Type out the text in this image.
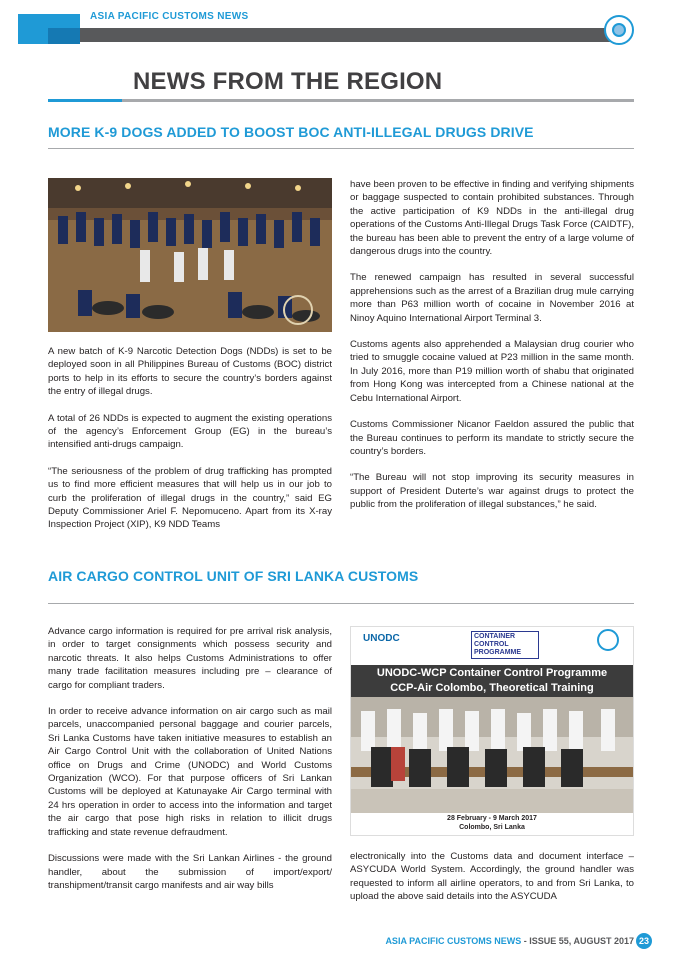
ASIA PACIFIC CUSTOMS NEWS
NEWS FROM THE REGION
MORE K-9 DOGS ADDED TO BOOST BOC ANTI-ILLEGAL DRUGS DRIVE

A new batch of K-9 Narcotic Detection Dogs (NDDs) is set to be deployed soon in all Philippines Bureau of Customs (BOC) district ports to help in its efforts to secure the country’s borders against the entry of illegal drugs.

A total of 26 NDDs is expected to augment the existing operations of the agency’s Enforcement Group (EG) in the bureau’s intensified anti-drugs campaign.

“The seriousness of the problem of drug trafficking has prompted us to find more efficient measures that will help us in our job to curb the proliferation of illegal drugs in the country,” said EG Deputy Commissioner Ariel F. Nepomuceno. Apart from its X-ray Inspection Project (XIP), K9 NDD Teams

have been proven to be effective in finding and verifying shipments or baggage suspected to contain prohibited substances. Through the active participation of K9 NDDs in the anti-illegal drug operations of the Customs Anti-Illegal Drugs Task Force (CAIDTF), the bureau has been able to prevent the entry of a large volume of dangerous drugs into the country.

The renewed campaign has resulted in several successful apprehensions such as the arrest of a Brazilian drug mule carrying more than P63 million worth of cocaine in November 2016 at Ninoy Aquino International Airport Terminal 3.

Customs agents also apprehended a Malaysian drug courier who tried to smuggle cocaine valued at P23 million in the same month. In July 2016, more than P19 million worth of shabu that originated from Hong Kong was intercepted from a Chinese national at the Cebu International Airport.

Customs Commissioner Nicanor Faeldon assured the public that the Bureau continues to perform its mandate to strictly secure the country’s borders.

“The Bureau will not stop improving its security measures in support of President Duterte’s war against drugs to protect the public from the proliferation of illegal substances,” he said.

AIR CARGO CONTROL UNIT OF SRI LANKA CUSTOMS

Advance cargo information is required for pre arrival risk analysis, in order to target consignments which possess security and narcotic threats. It also helps Customs Administrations to offer many trade facilitation measures including pre – clearance of cargo for compliant traders.

In order to receive advance information on air cargo such as mail parcels, unaccompanied personal baggage and courier parcels, Sri Lanka Customs have taken initiative measures to establish an Air Cargo Control Unit with the collaboration of United Nations office on Drugs and Crime (UNODC) and World Customs Organization (WCO). For that purpose officers of Sri Lankan Customs will be deployed at Katunayake Air Cargo terminal with 24 hrs operation in order to access into the information and target the air cargo that pose high risks in relation to illicit drugs trafficking and state revenue defraudment.

Discussions were made with the Sri Lankan Airlines - the ground handler, about the submission of import/export/ transhipment/transit cargo manifests and air way bills

UNODC	CONTAINER CONTROL PROGRAMME
UNODC-WCP Container Control Programme
CCP-Air Colombo, Theoretical Training
28 February - 9 March 2017
Colombo, Sri Lanka

electronically into the Customs data and document interface – ASYCUDA World System. Accordingly, the ground handler was requested to inform all airline operators, to and from Sri Lanka, to upload the above said details into the ASYCUDA

ASIA PACIFIC CUSTOMS NEWS - ISSUE 55, AUGUST 2017 23
